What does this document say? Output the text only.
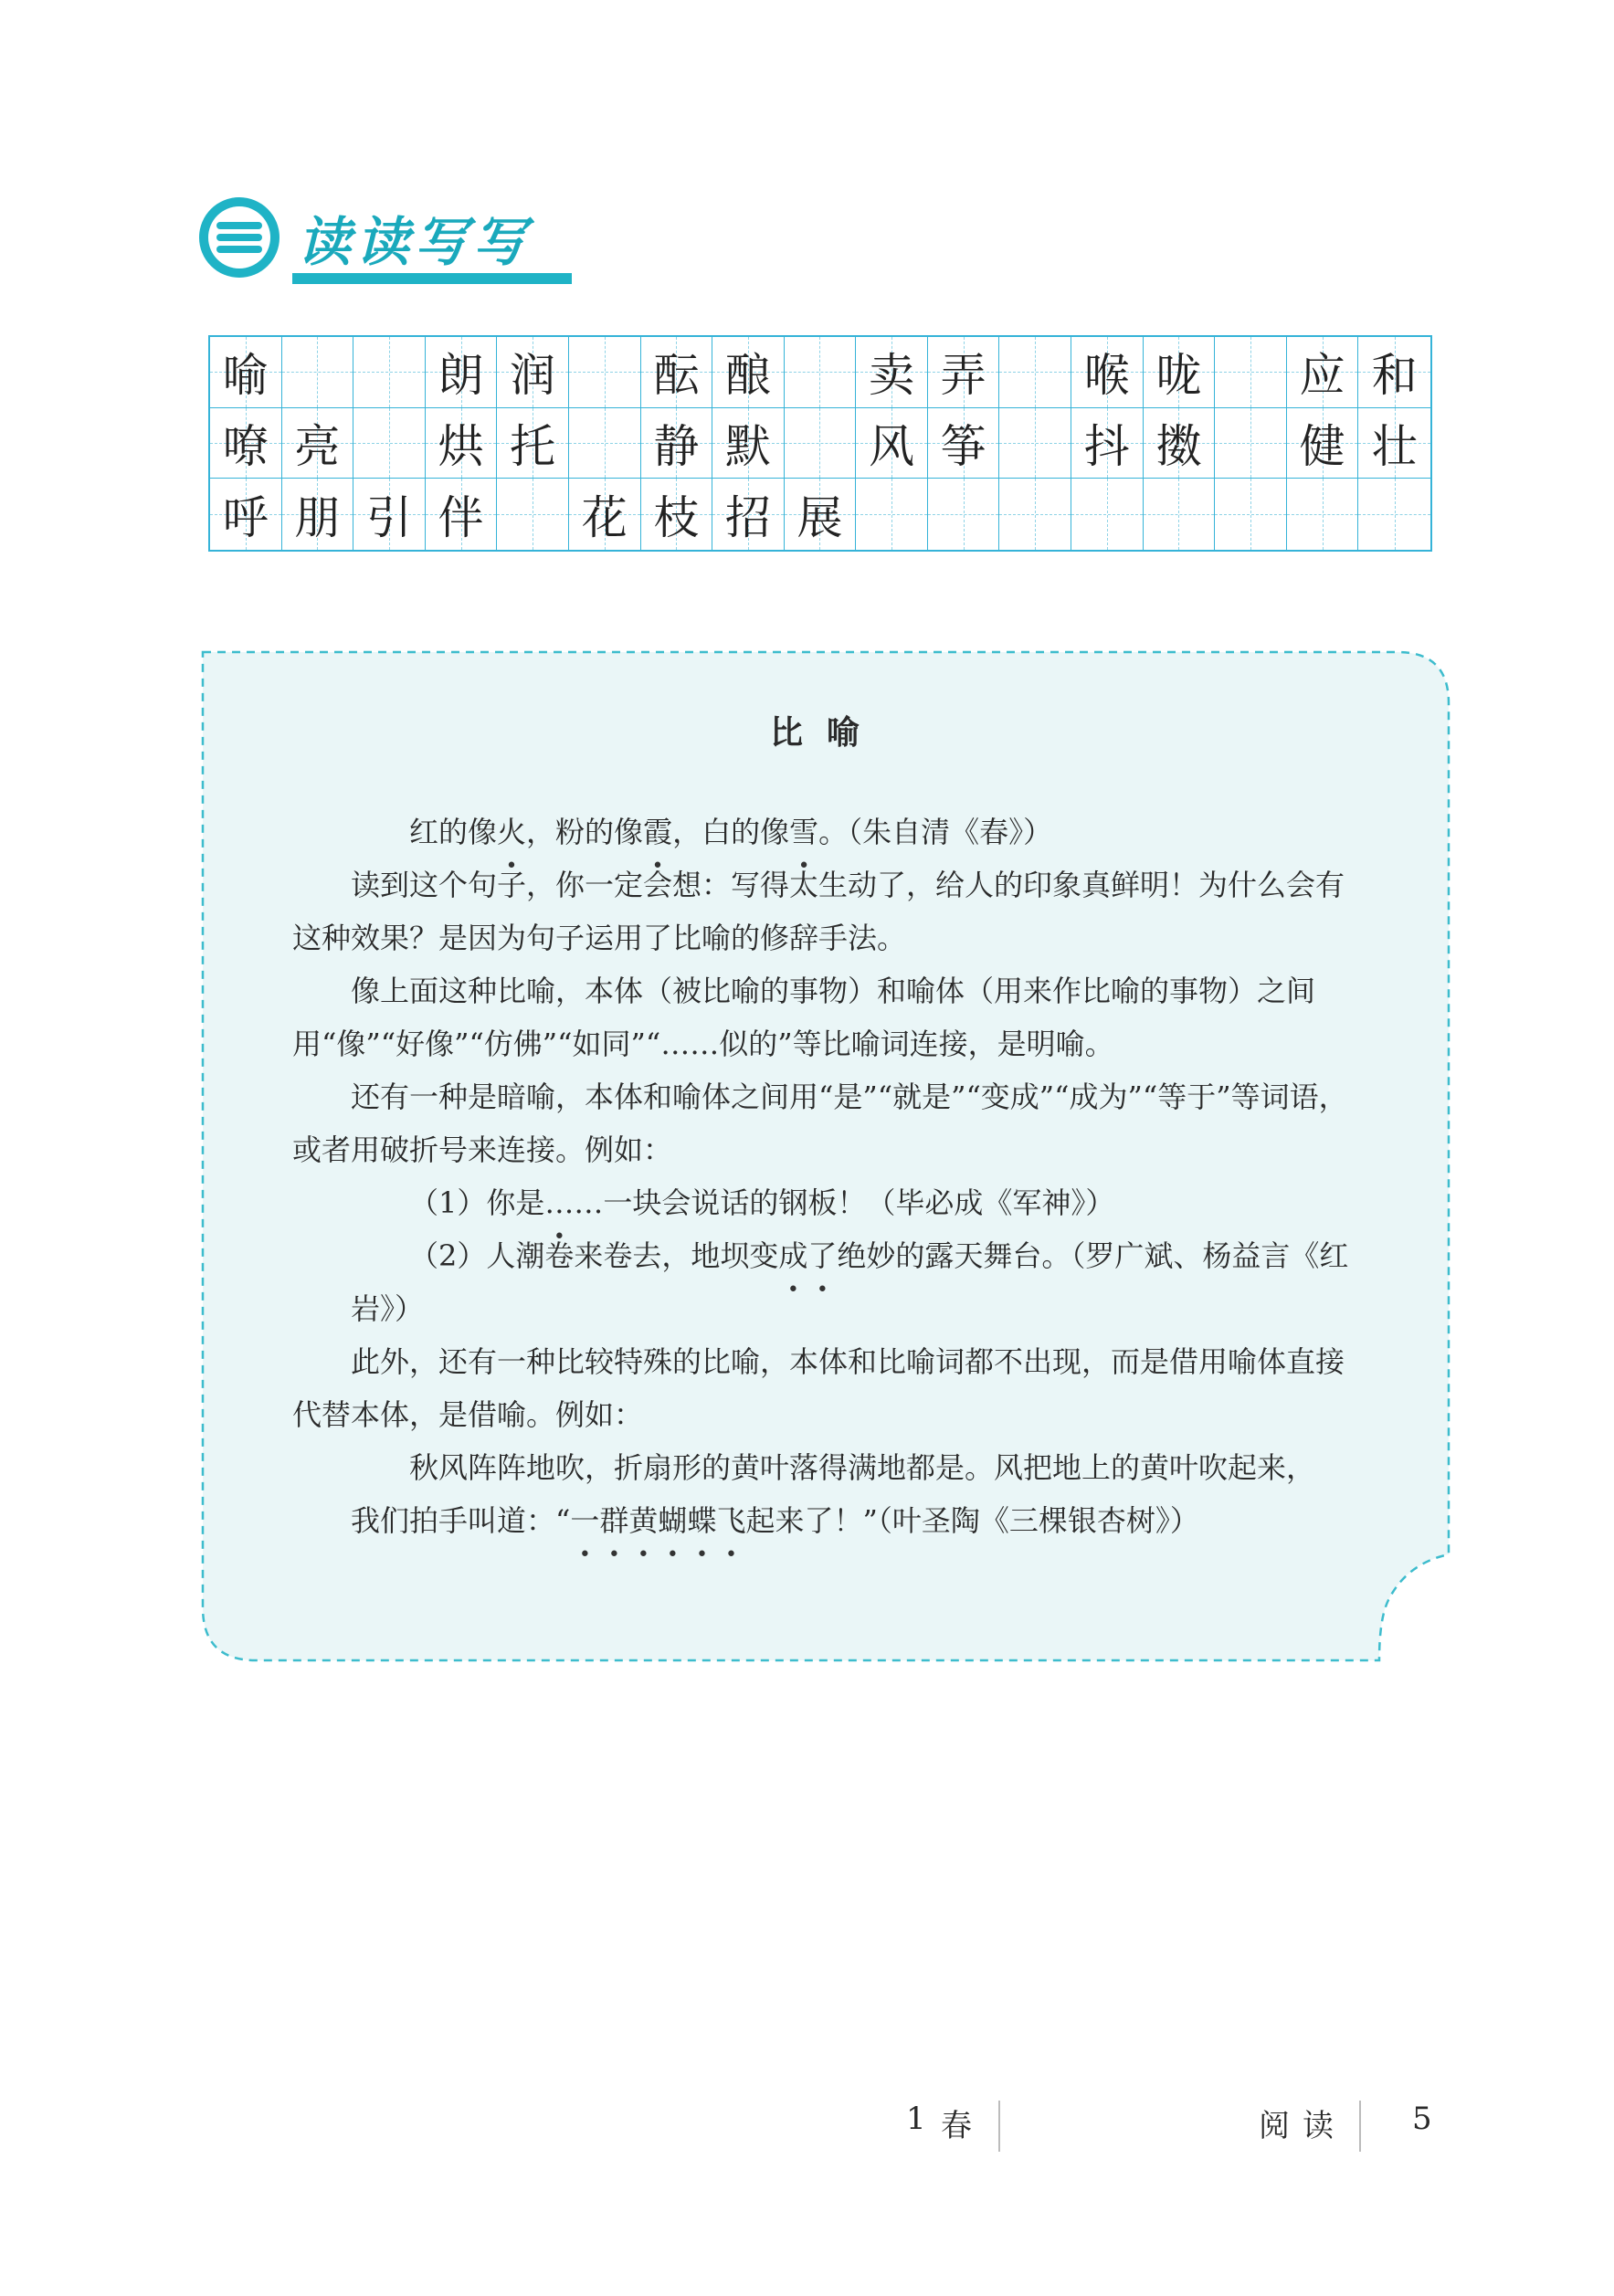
读读写写
喻	朗 润 酝 酿 卖 弄 喉 咙 应 和
嘹 亮 烘 托 静 默 风 筝 抖 擞 健 壮
呼 朋 引 伴 花 枝 招 展
比喻

红的像火，粉的像霞，白的像雪。（朱自清《春》）

读到这个句子，你一定会想：写得太生动了，给人的印象真鲜明！为什么会有这种效果？是因为句子运用了比喻的修辞手法。

像上面这种比喻，本体（被比喻的事物）和喻体（用来作比喻的事物）之间用“像”“好像”“仿佛”“如同”“……似的”等比喻词连接，是明喻。

还有一种是暗喻，本体和喻体之间用“是”“就是”“变成”“成为”“等于”等词语，或者用破折号来连接。例如：

（1）你是……一块会说话的钢板！（毕必成《军神》）

（2）人潮卷来卷去，地坝变成了绝妙的露天舞台。（罗广斌、杨益言《红岩》）

此外，还有一种比较特殊的比喻，本体和比喻词都不出现，而是借用喻体直接代替本体，是借喻。例如：

秋风阵阵地吹，折扇形的黄叶落得满地都是。风把地上的黄叶吹起来，

我们拍手叫道：“一群黄蝴蝶飞起来了！”（叶圣陶《三棵银杏树》）

1 春	阅读 5
